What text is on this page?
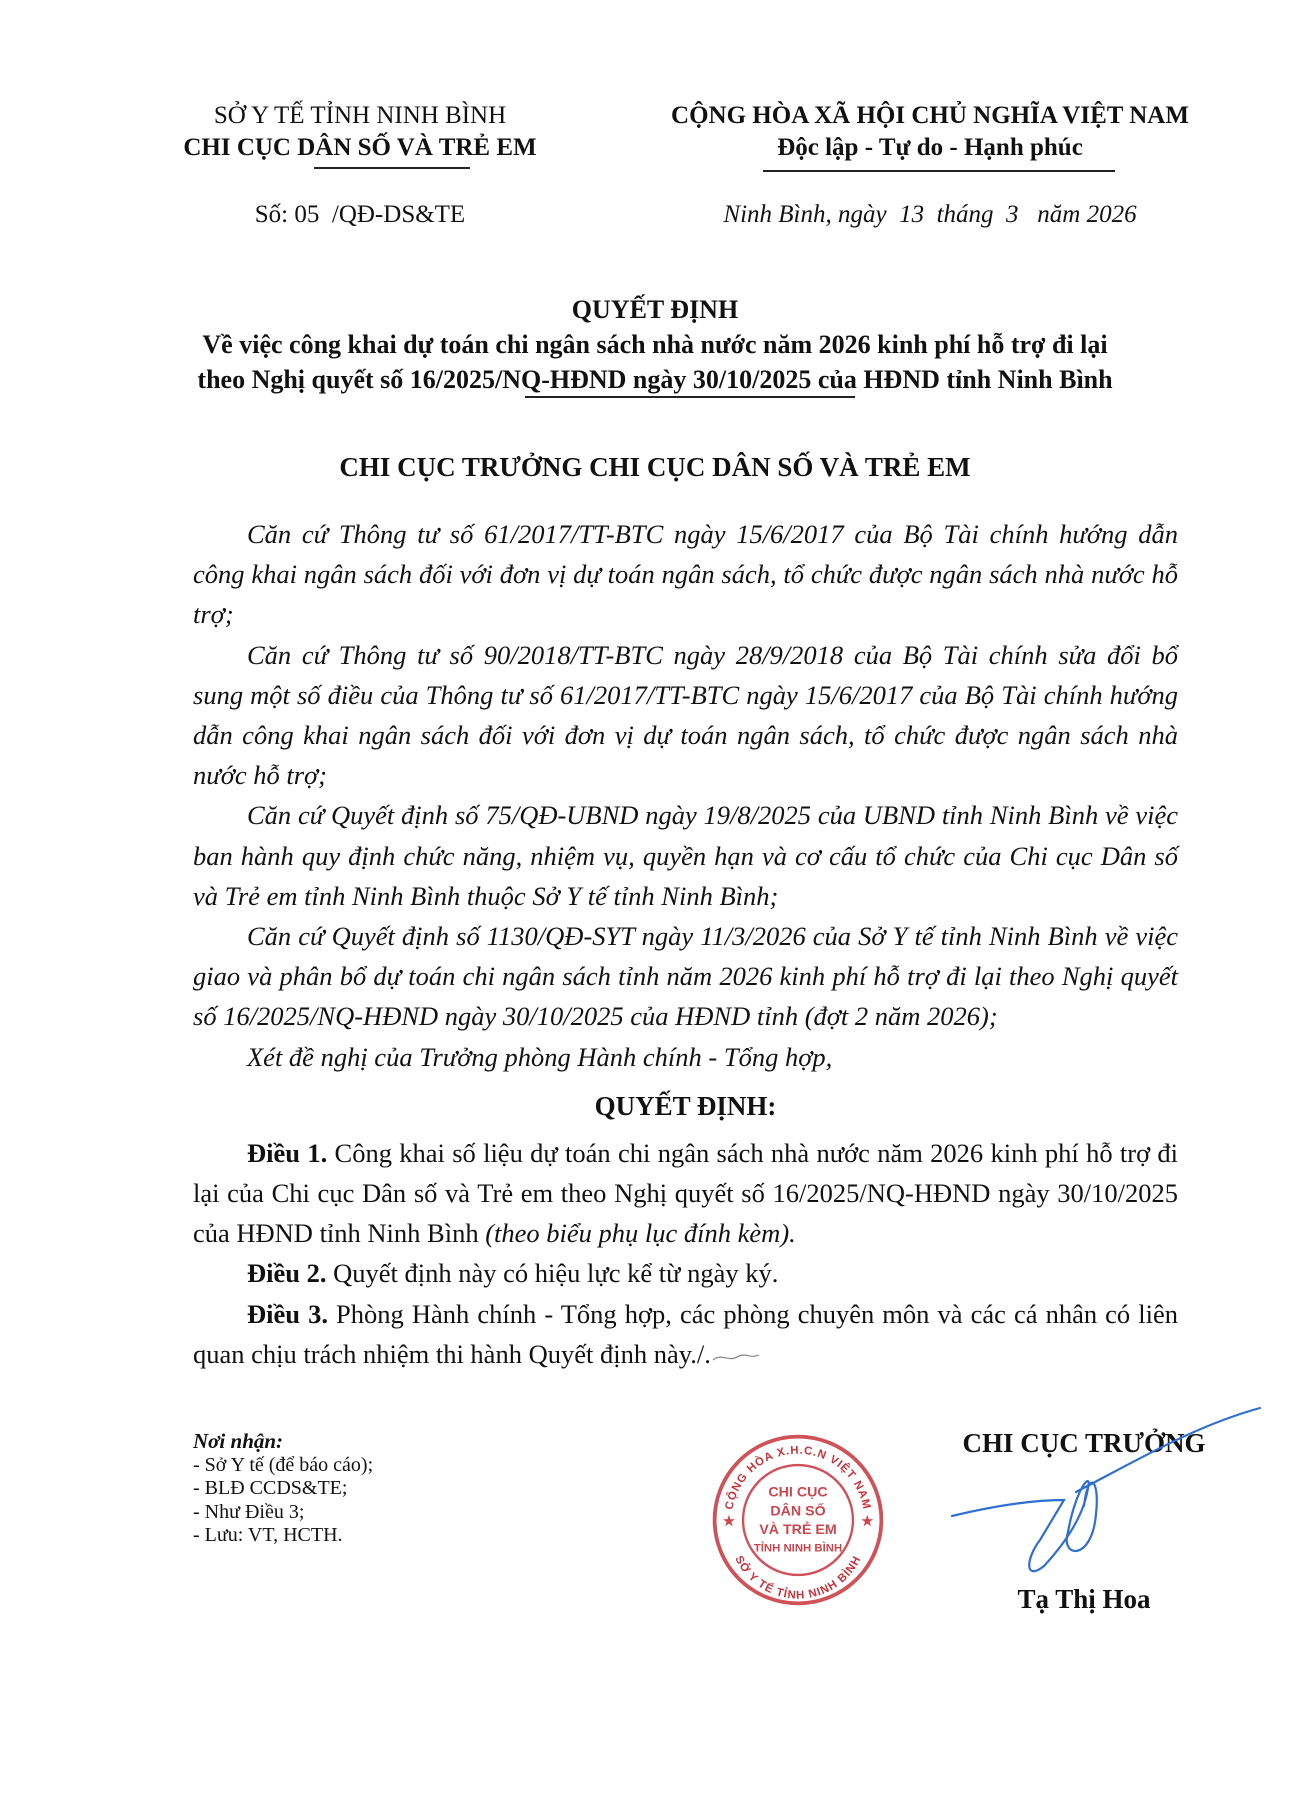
SỞ Y TẾ TỈNH NINH BÌNH
CHI CỤC DÂN SỐ VÀ TRẺ EM
CỘNG HÒA XÃ HỘI CHỦ NGHĨA VIỆT NAM
Độc lập - Tự do - Hạnh phúc
Số: 05  /QĐ-DS&TE	Ninh Bình, ngày  13  tháng  3   năm 2026
QUYẾT ĐỊNH
Về việc công khai dự toán chi ngân sách nhà nước năm 2026 kinh phí hỗ trợ đi lại
theo Nghị quyết số 16/2025/NQ-HĐND ngày 30/10/2025 của HĐND tỉnh Ninh Bình
CHI CỤC TRƯỞNG CHI CỤC DÂN SỐ VÀ TRẺ EM

Căn cứ Thông tư số 61/2017/TT-BTC ngày 15/6/2017 của Bộ Tài chính hướng dẫn công khai ngân sách đối với đơn vị dự toán ngân sách, tổ chức được ngân sách nhà nước hỗ trợ;

Căn cứ Thông tư số 90/2018/TT-BTC ngày 28/9/2018 của Bộ Tài chính sửa đổi bổ sung một số điều của Thông tư số 61/2017/TT-BTC ngày 15/6/2017 của Bộ Tài chính hướng dẫn công khai ngân sách đối với đơn vị dự toán ngân sách, tổ chức được ngân sách nhà nước hỗ trợ;

Căn cứ Quyết định số 75/QĐ-UBND ngày 19/8/2025 của UBND tỉnh Ninh Bình về việc ban hành quy định chức năng, nhiệm vụ, quyền hạn và cơ cấu tổ chức của Chi cục Dân số và Trẻ em tỉnh Ninh Bình thuộc Sở Y tế tỉnh Ninh Bình;

Căn cứ Quyết định số 1130/QĐ-SYT ngày 11/3/2026 của Sở Y tế tỉnh Ninh Bình về việc giao và phân bổ dự toán chi ngân sách tỉnh năm 2026 kinh phí hỗ trợ đi lại theo Nghị quyết số 16/2025/NQ-HĐND ngày 30/10/2025 của HĐND tỉnh (đợt 2 năm 2026);

Xét đề nghị của Trưởng phòng Hành chính - Tổng hợp,

QUYẾT ĐỊNH:

Điều 1. Công khai số liệu dự toán chi ngân sách nhà nước năm 2026 kinh phí hỗ trợ đi lại của Chi cục Dân số và Trẻ em theo Nghị quyết số 16/2025/NQ-HĐND ngày 30/10/2025 của HĐND tỉnh Ninh Bình (theo biểu phụ lục đính kèm).

Điều 2. Quyết định này có hiệu lực kể từ ngày ký.

Điều 3. Phòng Hành chính - Tổng hợp, các phòng chuyên môn và các cá nhân có liên quan chịu trách nhiệm thi hành Quyết định này./.

Nơi nhận:
- Sở Y tế (để báo cáo);
- BLĐ CCDS&TE;
- Như Điều 3;
- Lưu: VT, HCTH.
CHI CỤC TRƯỞNG
Tạ Thị Hoa
CHI CỤC
DÂN SỐ
VÀ TRẺ EM
TỈNH NINH BÌNH
★	★
CỘNG HÒA X.H.C.N VIỆT NAM
SỞ Y TẾ TỈNH NINH BÌNH
